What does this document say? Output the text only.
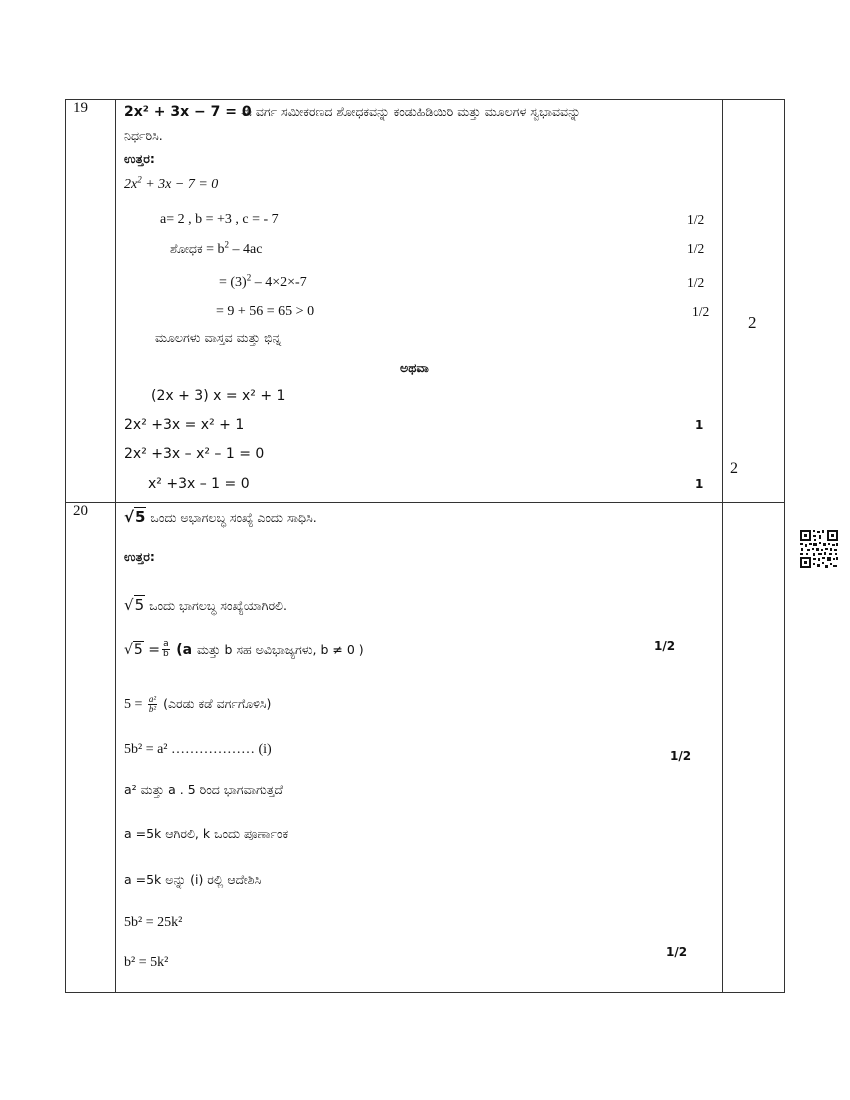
19	2x² + 3x − 7 = 0
ಈ ವರ್ಗ ಸಮೀಕರಣದ ಶೋಧಕವನ್ನು ಕಂಡುಹಿಡಿಯಿರಿ ಮತ್ತು ಮೂಲಗಳ ಸ್ವಭಾವವನ್ನು
ನಿರ್ಧರಿಸಿ.
ಉತ್ತರ:
$2x^2 + 3x - 7 = 0$
a= 2 , b = +3 , c = - 7	1/2
ಶೋಧಕ = $b^2 - 4ac$	1/2
= $(3)^2 - 4\times 2\times-7$	1/2
= 9 + 56 = 65 > 0	1/2
ಮೂಲಗಳು ವಾಸ್ತವ ಮತ್ತು ಭಿನ್ನ
ಅಥವಾ
(2x + 3) x = x² + 1
2x² +3x = x² + 1	1
2x² +3x – x² – 1 = 0
x² +3x – 1 = 0	1
2
2
20 √5 ಒಂದು ಅಭಾಗಲಬ್ಧ ಸಂಖ್ಯೆ ಎಂದು ಸಾಧಿಸಿ.
ಉತ್ತರ:
√5 ಒಂದು ಭಾಗಲಬ್ಧ ಸಂಖ್ಯೆಯಾಗಿರಲಿ.
$√5 = \frac{a}{b} (a$ ಮತ್ತು b ಸಹ ಅವಿಭಾಜ್ಯಗಳು, b ≠ 0 )	1/2
$5 = \frac{\text{a²}}{\text{b²}}$ (ಎರಡು ಕಡೆ ವರ್ಗಗೊಳಿಸಿ)
5b² = a² ……………… (i)	1/2
a² ಮತ್ತು a . 5 ರಿಂದ ಭಾಗವಾಗುತ್ತದೆ
a =5k ಆಗಿರಲಿ, k ಒಂದು ಪೂರ್ಣಾಂಕ
a =5k ಅನ್ನು (i) ರಲ್ಲಿ ಆದೇಶಿಸಿ
5b² = 25k²
b² = 5k²
1/2
